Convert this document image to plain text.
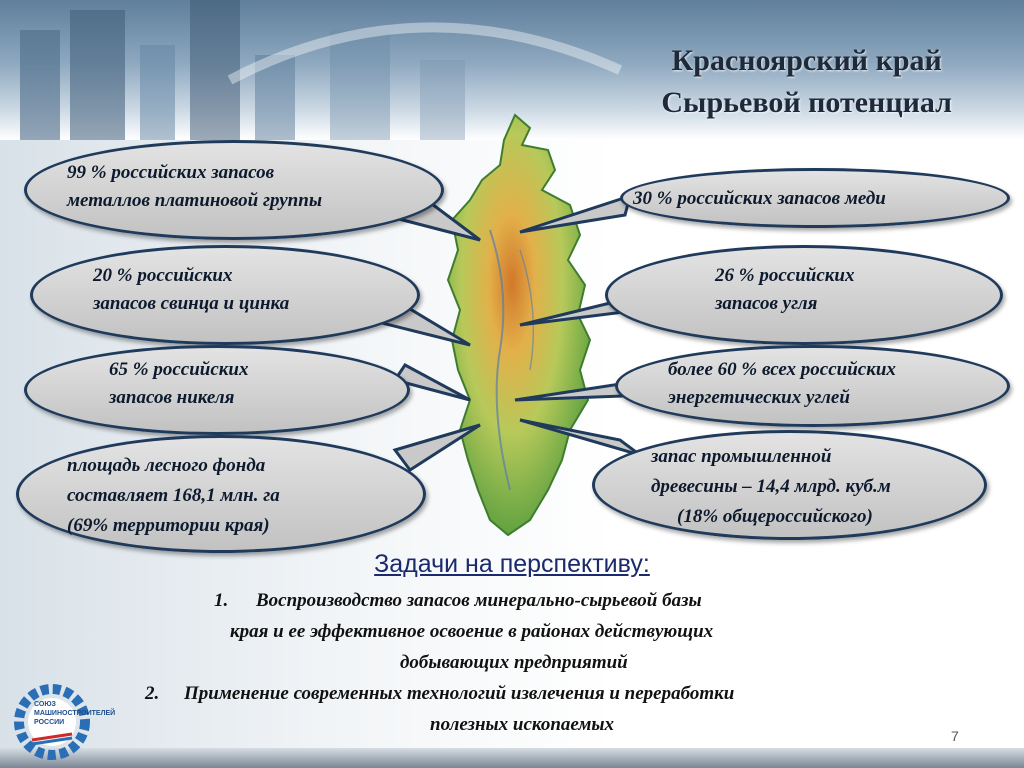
Красноярский край
Сырьевой потенциал
99 % российских запасов
металлов платиновой группы	30 % российских запасов меди
20 % российских
запасов свинца и цинка
26 % российских
запасов угля
65 % российских
запасов никеля
более 60 % всех российских
энергетических углей
площадь лесного фонда
составляет 168,1 млн. га
(69% территории края)
запас промышленной
древесины – 14,4 млрд. куб.м
(18% общероссийского)
Задачи на перспективу:
1. Воспроизводство запасов минерально-сырьевой базы
края и ее эффективное освоение в районах действующих
добывающих предприятий
2. Применение современных технологий извлечения и переработки
полезных ископаемых
СОЮЗ
МАШИНОСТРОИТЕЛЕЙ
РОССИИ
7
